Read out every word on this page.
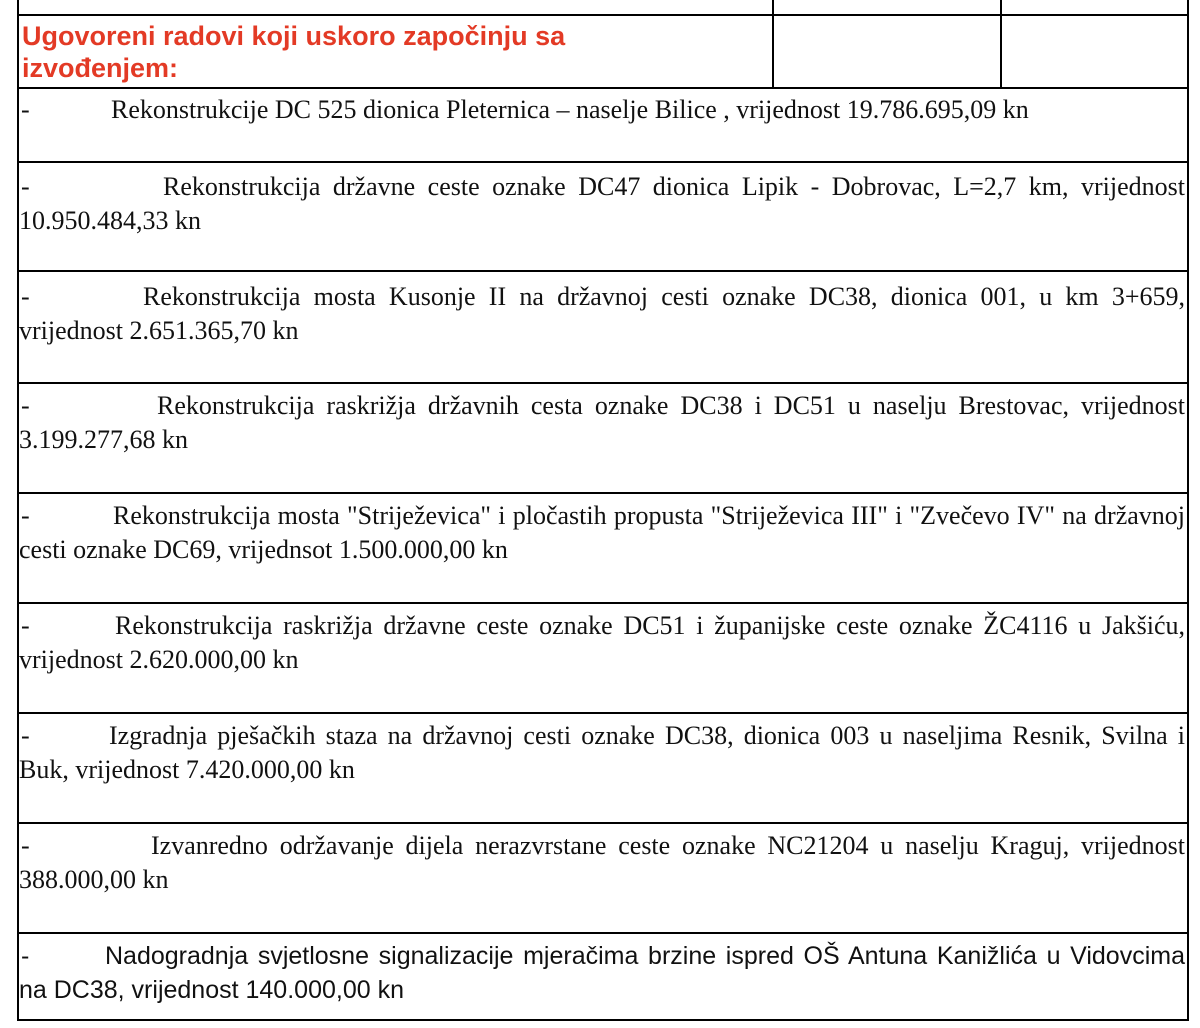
Ugovoreni radovi koji uskoro započinju sa
izvođenjem:
-	Rekonstrukcije DC 525 dionica Pleternica – naselje Bilice , vrijednost 19.786.695,09 kn

-	Rekonstrukcija državne ceste oznake DC47 dionica Lipik - Dobrovac, L=2,7 km, vrijednost 10.950.484,33 kn

-	Rekonstrukcija mosta Kusonje II na državnoj cesti oznake DC38, dionica 001, u km 3+659, vrijednost 2.651.365,70 kn

-	Rekonstrukcija raskrižja državnih cesta oznake DC38 i DC51 u naselju Brestovac, vrijednost 3.199.277,68 kn

-	Rekonstrukcija mosta "Striježevica" i pločastih propusta "Striježevica III" i "Zvečevo IV" na državnoj cesti oznake DC69, vrijednsot 1.500.000,00 kn

-	Rekonstrukcija raskrižja državne ceste oznake DC51 i županijske ceste oznake ŽC4116 u Jakšiću, vrijednost 2.620.000,00 kn

-	Izgradnja pješačkih staza na državnoj cesti oznake DC38, dionica 003 u naseljima Resnik, Svilna i Buk, vrijednost 7.420.000,00 kn

-	Izvanredno održavanje dijela nerazvrstane ceste oznake NC21204 u naselju Kraguj, vrijednost 388.000,00 kn

-	Nadogradnja svjetlosne signalizacije mjeračima brzine ispred OŠ Antuna Kanižlića u Vidovcima na DC38, vrijednost 140.000,00 kn
